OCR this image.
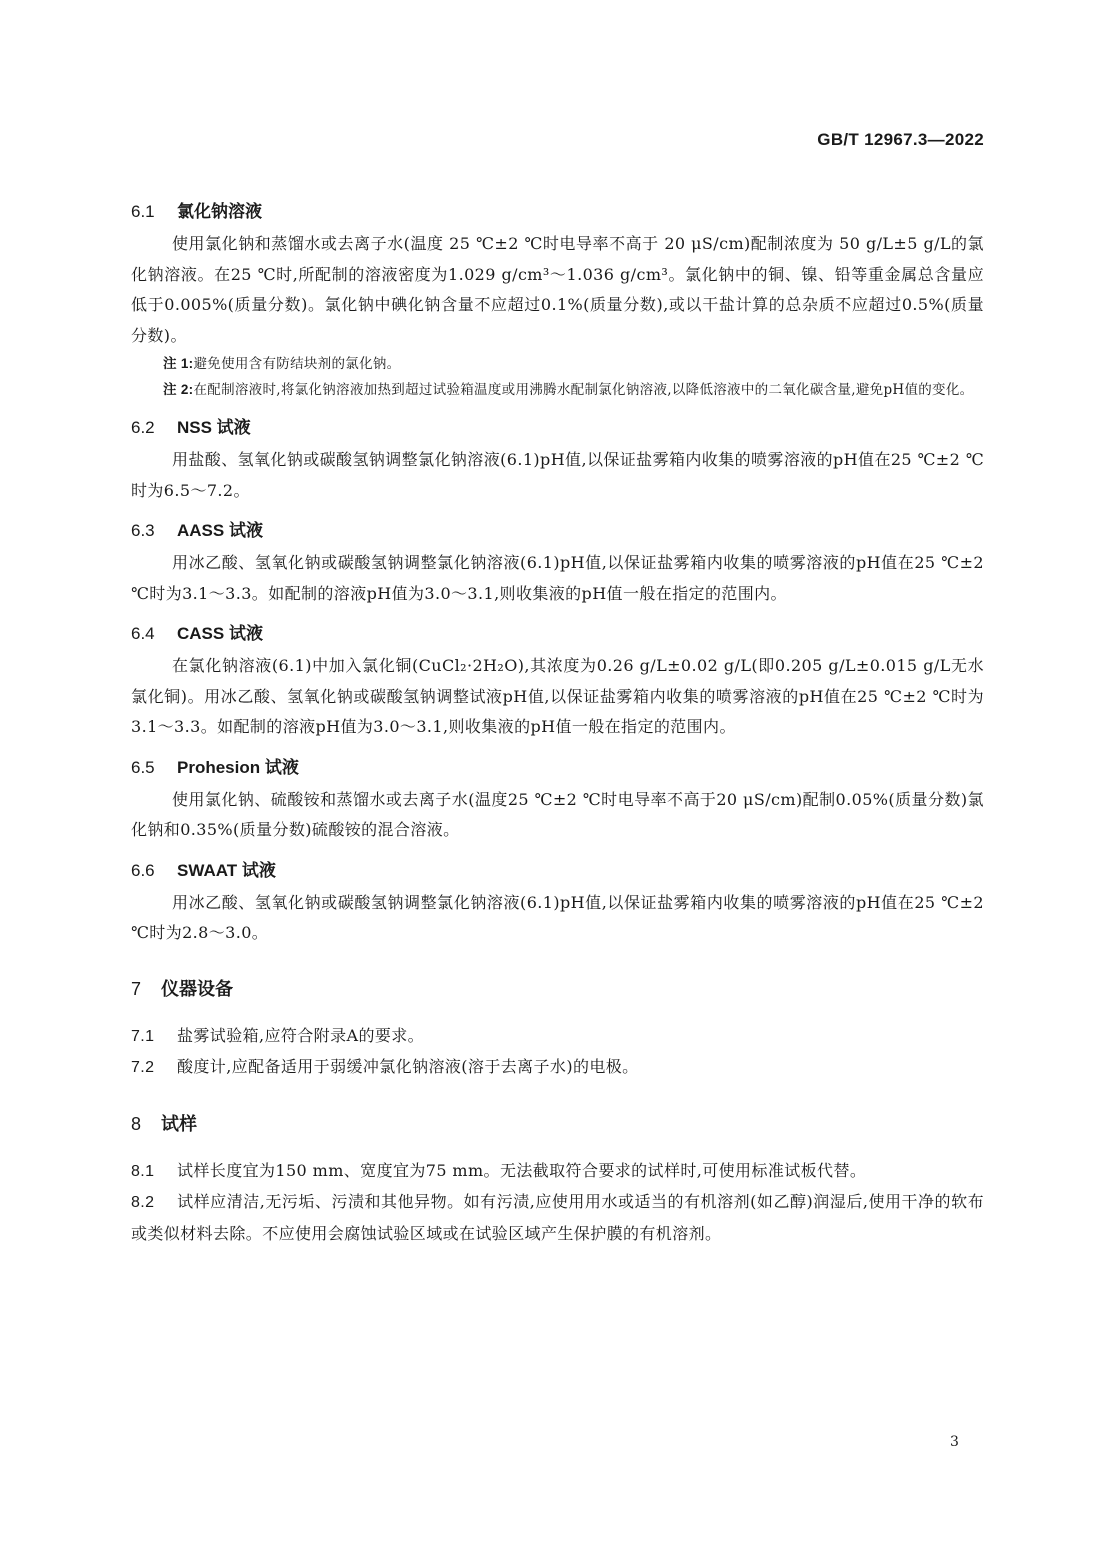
GB/T 12967.3—2022
6.1 氯化钠溶液
使用氯化钠和蒸馏水或去离子水(温度 25 ℃±2 ℃时电导率不高于 20 μS/cm)配制浓度为 50 g/L±5 g/L的氯化钠溶液。在25 ℃时,所配制的溶液密度为1.029 g/cm³～1.036 g/cm³。氯化钠中的铜、镍、铅等重金属总含量应低于0.005%(质量分数)。氯化钠中碘化钠含量不应超过0.1%(质量分数),或以干盐计算的总杂质不应超过0.5%(质量分数)。
注 1:避免使用含有防结块剂的氯化钠。
注 2:在配制溶液时,将氯化钠溶液加热到超过试验箱温度或用沸腾水配制氯化钠溶液,以降低溶液中的二氧化碳含量,避免pH值的变化。
6.2 NSS 试液
用盐酸、氢氧化钠或碳酸氢钠调整氯化钠溶液(6.1)pH值,以保证盐雾箱内收集的喷雾溶液的pH值在25 ℃±2 ℃时为6.5～7.2。
6.3 AASS 试液
用冰乙酸、氢氧化钠或碳酸氢钠调整氯化钠溶液(6.1)pH值,以保证盐雾箱内收集的喷雾溶液的pH值在25 ℃±2 ℃时为3.1～3.3。如配制的溶液pH值为3.0～3.1,则收集液的pH值一般在指定的范围内。
6.4 CASS 试液
在氯化钠溶液(6.1)中加入氯化铜(CuCl₂·2H₂O),其浓度为0.26 g/L±0.02 g/L(即0.205 g/L±0.015 g/L无水氯化铜)。用冰乙酸、氢氧化钠或碳酸氢钠调整试液pH值,以保证盐雾箱内收集的喷雾溶液的pH值在25 ℃±2 ℃时为3.1～3.3。如配制的溶液pH值为3.0～3.1,则收集液的pH值一般在指定的范围内。
6.5 Prohesion 试液
使用氯化钠、硫酸铵和蒸馏水或去离子水(温度25 ℃±2 ℃时电导率不高于20 μS/cm)配制0.05%(质量分数)氯化钠和0.35%(质量分数)硫酸铵的混合溶液。
6.6 SWAAT 试液
用冰乙酸、氢氧化钠或碳酸氢钠调整氯化钠溶液(6.1)pH值,以保证盐雾箱内收集的喷雾溶液的pH值在25 ℃±2 ℃时为2.8～3.0。
7 仪器设备
7.1 盐雾试验箱,应符合附录A的要求。
7.2 酸度计,应配备适用于弱缓冲氯化钠溶液(溶于去离子水)的电极。
8 试样
8.1 试样长度宜为150 mm、宽度宜为75 mm。无法截取符合要求的试样时,可使用标准试板代替。
8.2 试样应清洁,无污垢、污渍和其他异物。如有污渍,应使用用水或适当的有机溶剂(如乙醇)润湿后,使用干净的软布或类似材料去除。不应使用会腐蚀试验区域或在试验区域产生保护膜的有机溶剂。
3
